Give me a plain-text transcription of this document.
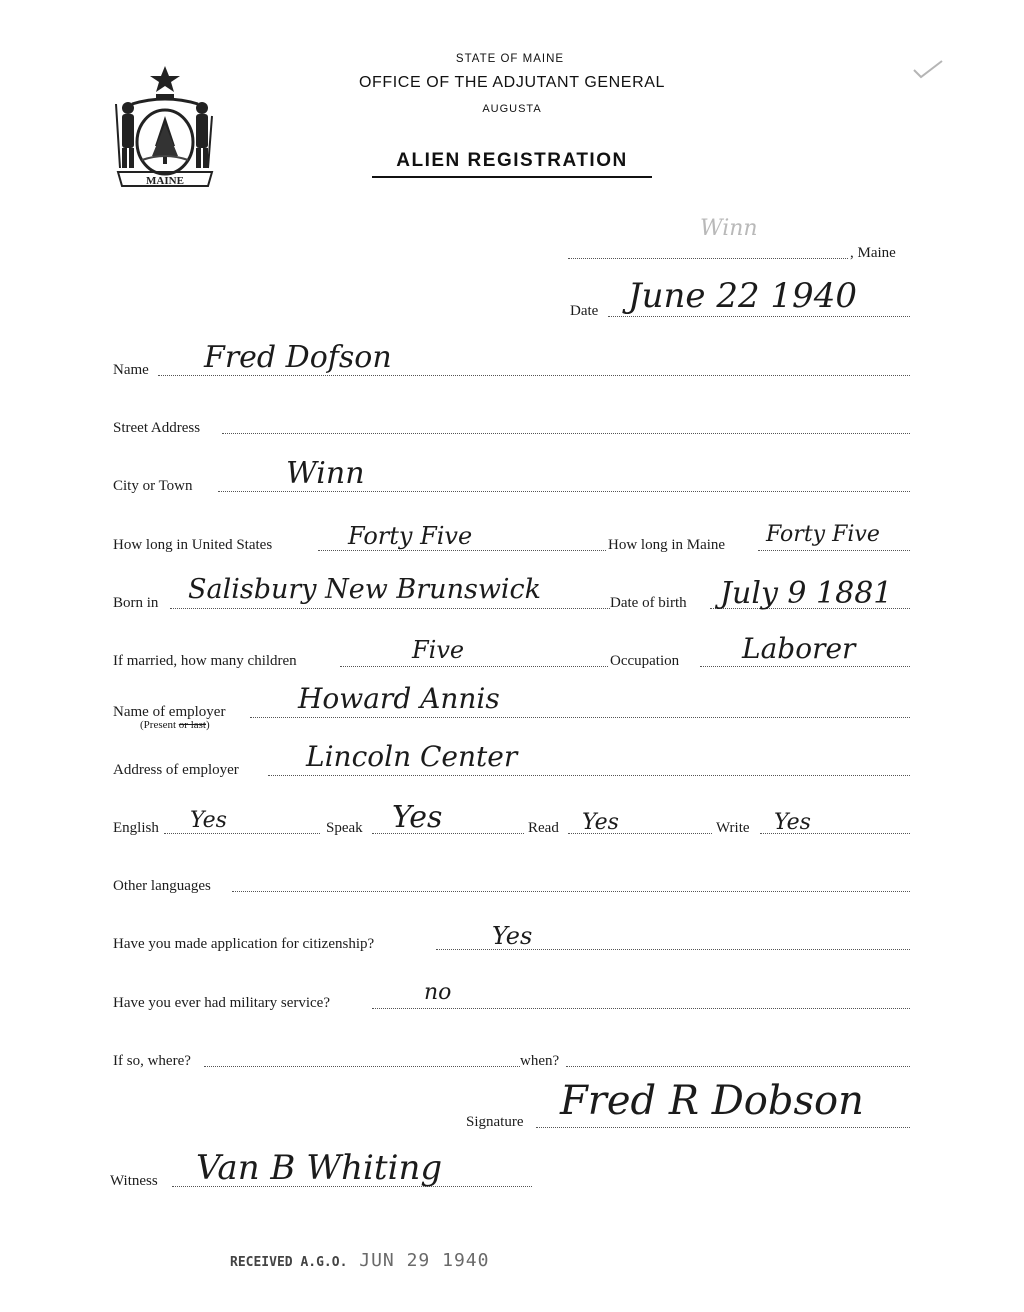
MAINE
STATE OF MAINE
OFFICE OF THE ADJUTANT GENERAL
AUGUSTA
ALIEN REGISTRATION
Winn
, Maine
Date June 22 1940
Name Fred Dofson
Street Address
City or Town	Winn
How long in United States	Forty Five	How long in Maine Forty Five
Born in Salisbury New Brunswick	Date of birth July 9 1881
If married, how many children	Five	Occupation Laborer
Name of employer
(Present or last)
Howard Annis
Address of employer Lincoln Center
English Yes	Speak Yes	Read Yes	Write Yes
Other languages
Have you made application for citizenship?	Yes
Have you ever had military service?	no
If so, where?	when?
Signature Fred R Dobson
Witness Van B Whiting
RECEIVED A.G.O. JUN 29 1940
